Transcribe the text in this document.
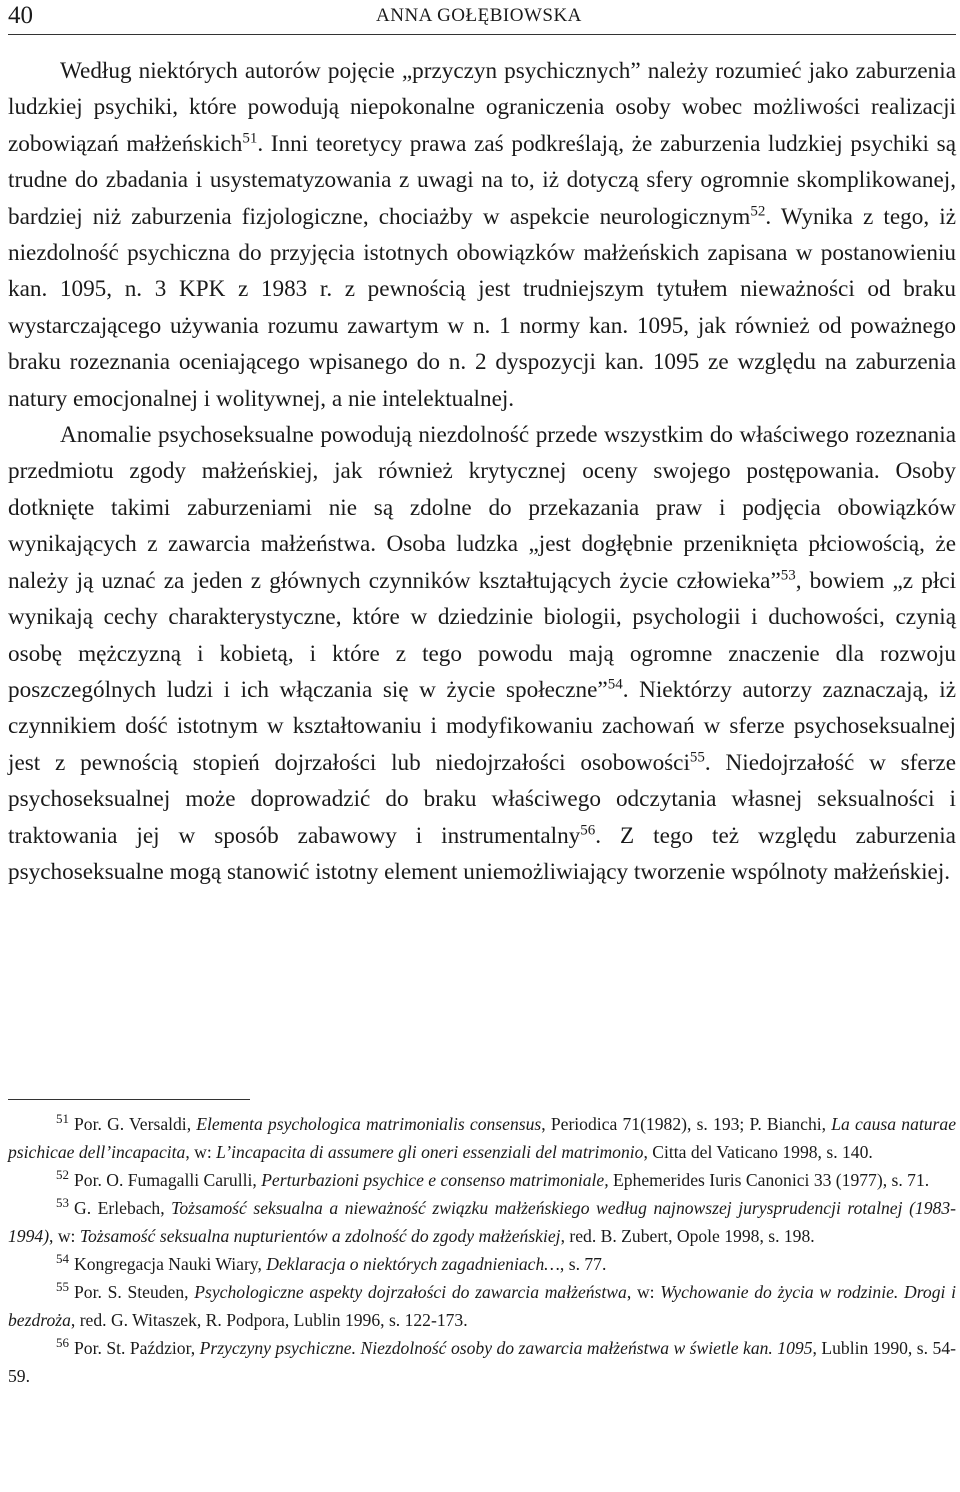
40	ANNA GOŁĘBIOWSKA

Według niektórych autorów pojęcie „przyczyn psychicznych” należy rozumieć jako zaburzenia ludzkiej psychiki, które powodują niepokonalne ograniczenia osoby wobec możliwości realizacji zobowiązań małżeńskich$^{51}$. Inni teoretycy prawa zaś podkreślają, że zaburzenia ludzkiej psychiki są trudne do zbadania i usystematyzowania z uwagi na to, iż dotyczą sfery ogromnie skomplikowanej, bardziej niż zaburzenia fizjologiczne, chociażby w aspekcie neurologicznym$^{52}$. Wynika z tego, iż niezdolność psychiczna do przyjęcia istotnych obowiązków małżeńskich zapisana w postanowieniu kan. 1095, n. 3 KPK z 1983 r. z pewnością jest trudniejszym tytułem nieważności od braku wystarczającego używania rozumu zawartym w n. 1 normy kan. 1095, jak również od poważnego braku rozeznania oceniającego wpisanego do n. 2 dyspozycji kan. 1095 ze względu na zaburzenia natury emocjonalnej i wolitywnej, a nie intelektualnej.

Anomalie psychoseksualne powodują niezdolność przede wszystkim do właściwego rozeznania przedmiotu zgody małżeńskiej, jak również krytycznej oceny swojego postępowania. Osoby dotknięte takimi zaburzeniami nie są zdolne do przekazania praw i podjęcia obowiązków wynikających z zawarcia małżeństwa. Osoba ludzka „jest dogłębnie przeniknięta płciowością, że należy ją uznać za jeden z głównych czynników kształtujących życie człowieka”$^{53}$, bowiem „z płci wynikają cechy charakterystyczne, które w dziedzinie biologii, psychologii i duchowości, czynią osobę mężczyzną i kobietą, i które z tego powodu mają ogromne znaczenie dla rozwoju poszczególnych ludzi i ich włączania się w życie społeczne”$^{54}$. Niektórzy autorzy zaznaczają, iż czynnikiem dość istotnym w kształtowaniu i modyfikowaniu zachowań w sferze psychoseksualnej jest z pewnością stopień dojrzałości lub niedojrzałości osobowości$^{55}$. Niedojrzałość w sferze psychoseksualnej może doprowadzić do braku właściwego odczytania własnej seksualności i traktowania jej w sposób zabawowy i instrumentalny$^{56}$. Z tego też względu zaburzenia psychoseksualne mogą stanowić istotny element uniemożliwiający tworzenie wspólnoty małżeńskiej.

$^{51}$ Por. G. Versaldi, Elementa psychologica matrimonialis consensus, Periodica 71(1982), s. 193; P. Bianchi, La causa naturae psichicae dell’incapacita, w: L’incapacita di assumere gli oneri essenziali del matrimonio, Citta del Vaticano 1998, s. 140.

$^{52}$ Por. O. Fumagalli Carulli, Perturbazioni psychice e consenso matrimoniale, Ephemerides Iuris Canonici 33 (1977), s. 71.

$^{53}$ G. Erlebach, Tożsamość seksualna a nieważność związku małżeńskiego według najnowszej jurysprudencji rotalnej (1983-1994), w: Tożsamość seksualna nupturientów a zdolność do zgody małżeńskiej, red. B. Zubert, Opole 1998, s. 198.

$^{54}$ Kongregacja Nauki Wiary, Deklaracja o niektórych zagadnieniach…, s. 77.

$^{55}$ Por. S. Steuden, Psychologiczne aspekty dojrzałości do zawarcia małżeństwa, w: Wychowanie do życia w rodzinie. Drogi i bezdroża, red. G. Witaszek, R. Podpora, Lublin 1996, s. 122-173.

$^{56}$ Por. St. Paździor, Przyczyny psychiczne. Niezdolność osoby do zawarcia małżeństwa w świetle kan. 1095, Lublin 1990, s. 54-59.
